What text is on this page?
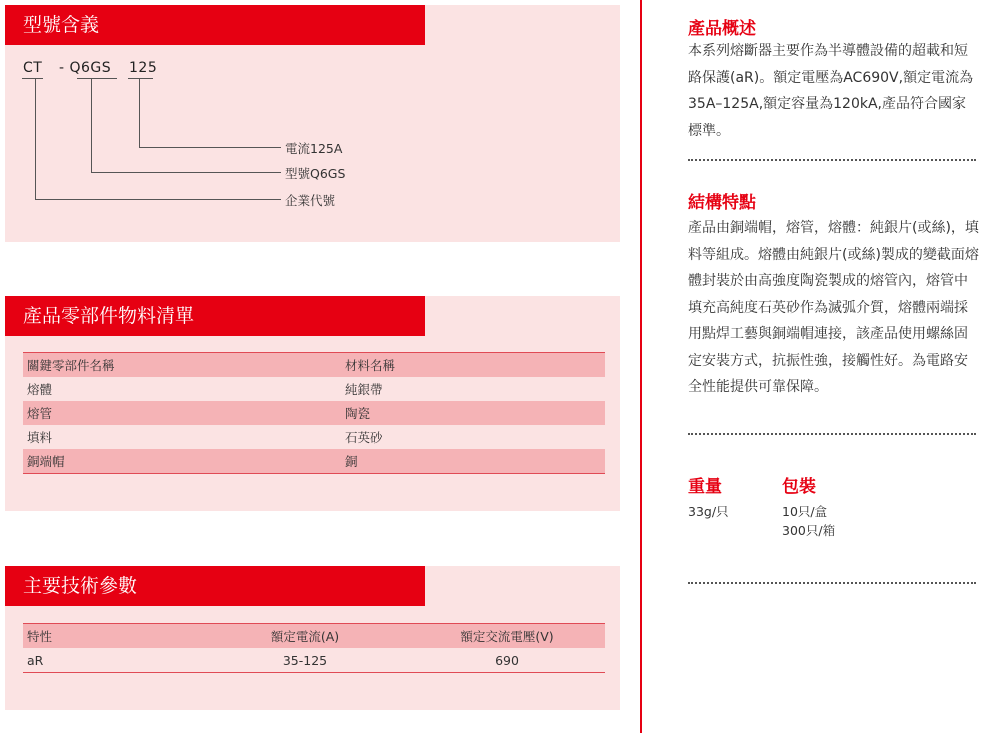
型號含義
CT - Q6GS 125
電流125A
型號Q6GS
企業代號
產品零部件物料清單
關鍵零部件名稱	材料名稱
熔體	純銀帶
熔管	陶瓷
填料	石英砂
銅端帽	銅
主要技術參數
特性	額定電流(A)	額定交流電壓(V)
aR	35-125	690
產品概述
本系列熔斷器主要作為半導體設備的超載和短路保護(aR)。額定電壓為AC690V,額定電流為35A–125A,額定容量為120kA,產品符合國家標準。
結構特點
產品由銅端帽，熔管，熔體：純銀片(或絲)，填料等組成。熔體由純銀片(或絲)製成的變截面熔體封裝於由高強度陶瓷製成的熔管內，熔管中填充高純度石英砂作為滅弧介質，熔體兩端採用點焊工藝與銅端帽連接，該產品使用螺絲固定安裝方式，抗振性強，接觸性好。為電路安全性能提供可靠保障。
重量
33g/只
包裝
10只/盒
300只/箱
